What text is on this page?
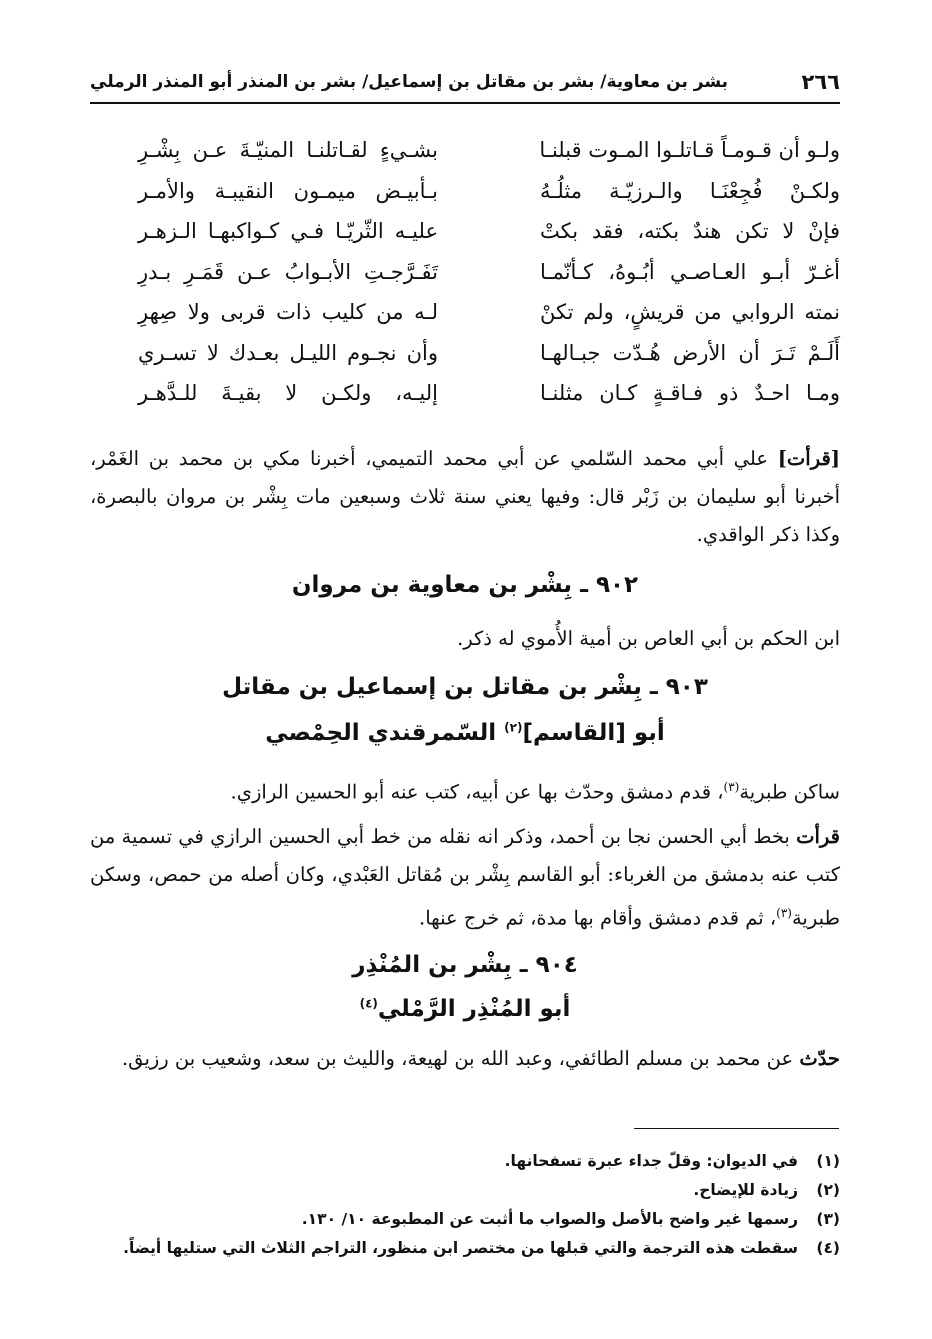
٢٦٦
بشر بن معاوية/ بشر بن مقاتل بن إسماعيل/ بشر بن المنذر أبو المنذر الرملي
ولـو أن قـومـاً قـاتلـوا المـوت قبلنـا
بشـيءٍ لقـاتلنـا المنيّـةَ عـن بِشْـرِ
ولكـنْ فُجِعْنَـا والـرزيّـة مثلُـهُ
بـأبيـض ميمـون النقيبـة والأمـر
فإنْ لا تكن هندٌ بكته، فقد بكتْ
عليـه الثّريّـا فـي كـواكبهـا الـزهـر
أغـرّ أبـو العـاصـي أبُـوهُ، كـأنّمـا
تَفَـرَّجـتِ الأبـوابُ عـن قَمَـرِ بـدرِ
نمته الروابي من قريشٍ، ولم تكنْ
لـه من كليب ذات قربى ولا صِهرِ
أَلَـمْ تَـرَ أن الأرض هُـدّت جبـالهـا
وأن نجـوم الليـل بعـدك لا تسـري
ومـا احـدٌ ذو فـاقـةٍ كـان مثلنـا
إليـه، ولكـن لا بقيـةَ للـدَّهـر
[قرأت] علي أبي محمد السّلمي عن أبي محمد التميمي، أخبرنا مكي بن محمد بن الغَمْر، أخبرنا أبو سليمان بن زَبْر قال: وفيها يعني سنة ثلاث وسبعين مات بِشْر بن مروان بالبصرة، وكذا ذكر الواقدي.
٩٠٢ ـ بِشْر بن معاوية بن مروان
ابن الحكم بن أبي العاص بن أمية الأُموي له ذكر.
٩٠٣ ـ بِشْر بن مقاتل بن إسماعيل بن مقاتل
أبو [القاسم]$^{(٢)}$ السّمرقندي الحِمْصي
ساكن طبرية$^{(٣)}$، قدم دمشق وحدّث بها عن أبيه، كتب عنه أبو الحسين الرازي.
قرأت بخط أبي الحسن نجا بن أحمد، وذكر انه نقله من خط أبي الحسين الرازي في تسمية من كتب عنه بدمشق من الغرباء: أبو القاسم بِشْر بن مُقاتل العَبْدي، وكان أصله من حمص، وسكن طبرية$^{(٣)}$، ثم قدم دمشق وأقام بها مدة، ثم خرج عنها.
٩٠٤ ـ بِشْر بن المُنْذِر
أبو المُنْذِر الرَّمْلي$^{(٤)}$
حدّث عن محمد بن مسلم الطائفي، وعبد الله بن لهيعة، والليث بن سعد، وشعيب بن رزيق.
(١)
في الديوان: وقلّ جداء عبرة تسفحانها.
(٢)
زيادة للإيضاح.
(٣)
رسمها غير واضح بالأصل والصواب ما أثبت عن المطبوعة ١٠/ ١٣٠.
(٤)
سقطت هذه الترجمة والتي قبلها من مختصر ابن منظور، التراجم الثلاث التي ستليها أيضاً.
